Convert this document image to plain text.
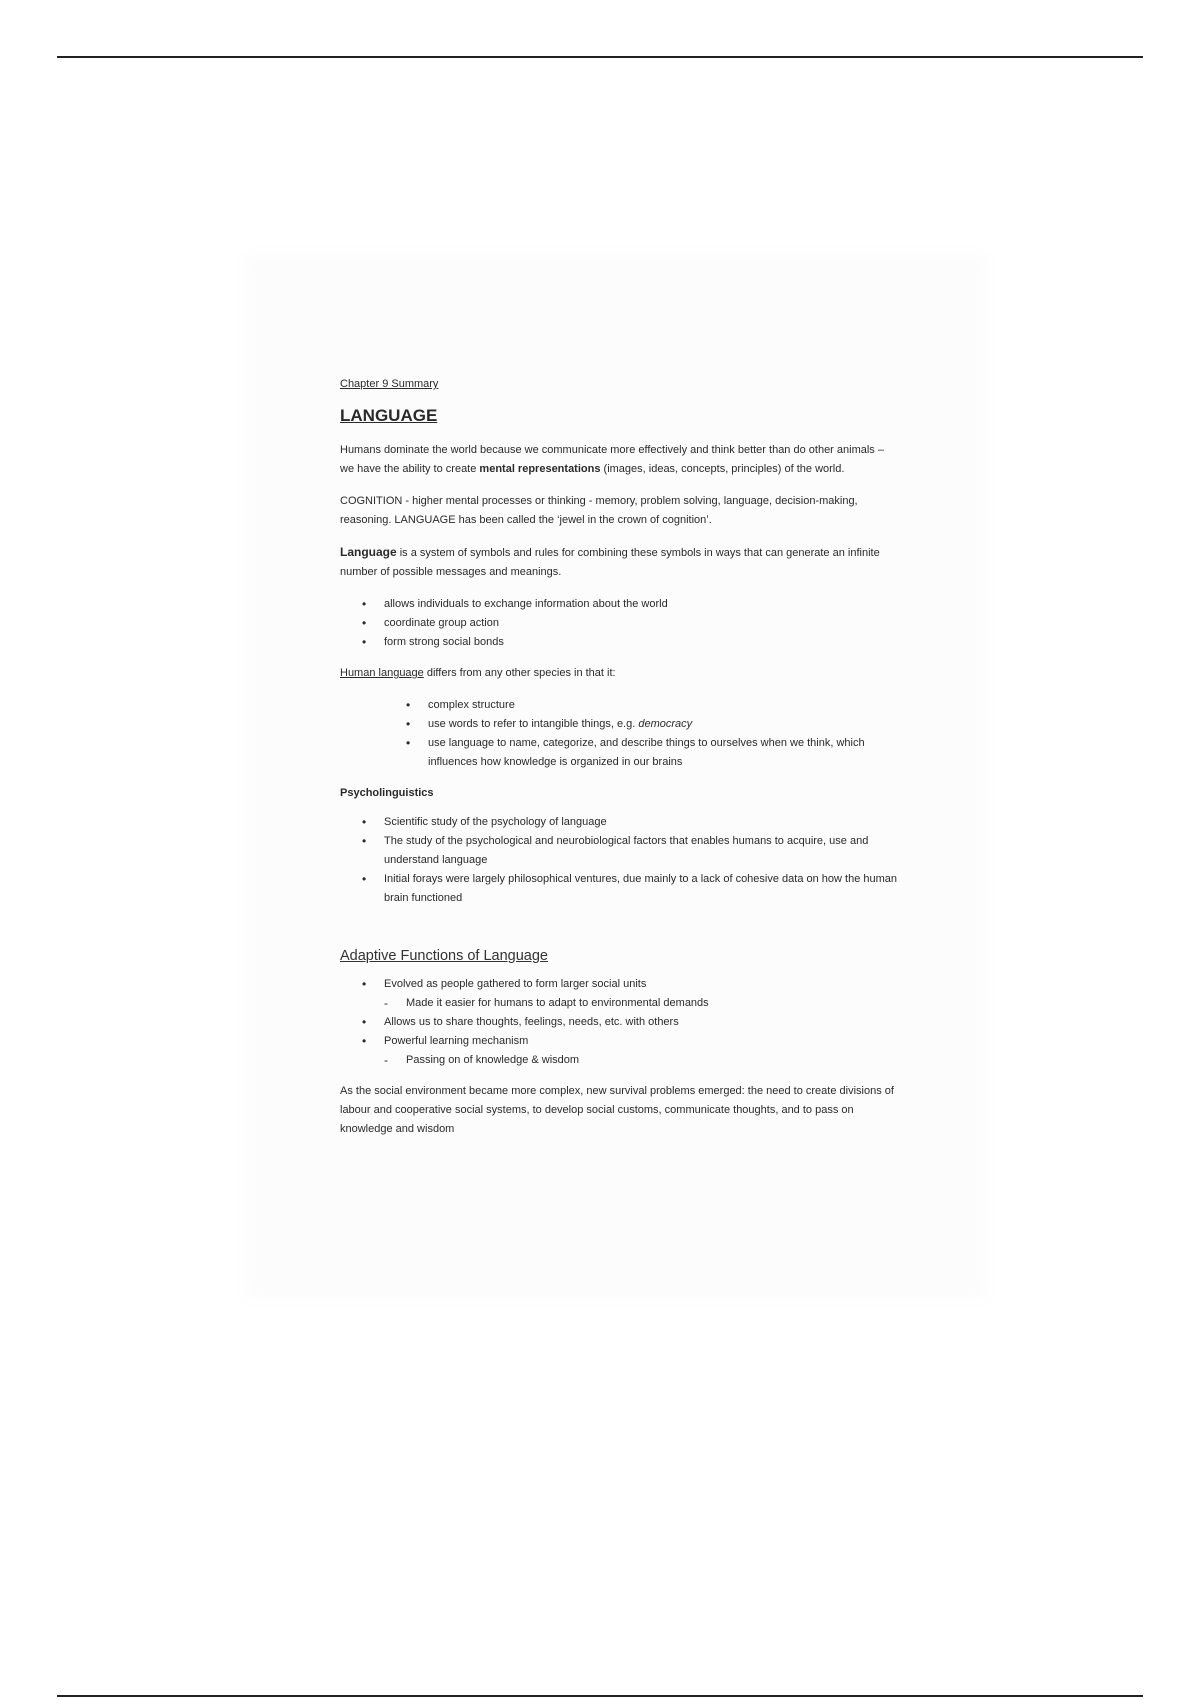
Chapter 9 Summary

LANGUAGE

Humans dominate the world because we communicate more effectively and think better than do other animals – we have the ability to create mental representations (images, ideas, concepts, principles) of the world.

COGNITION - higher mental processes or thinking - memory, problem solving, language, decision-making, reasoning. LANGUAGE has been called the ‘jewel in the crown of cognition’.

Language is a system of symbols and rules for combining these symbols in ways that can generate an infinite number of possible messages and meanings.

• allows individuals to exchange information about the world
• coordinate group action
• form strong social bonds

Human language differs from any other species in that it:

• complex structure
• use words to refer to intangible things, e.g. democracy
• use language to name, categorize, and describe things to ourselves when we think, which influences how knowledge is organized in our brains

Psycholinguistics

• Scientific study of the psychology of language
• The study of the psychological and neurobiological factors that enables humans to acquire, use and understand language
• Initial forays were largely philosophical ventures, due mainly to a lack of cohesive data on how the human brain functioned

Adaptive Functions of Language

• Evolved as people gathered to form larger social units
- Made it easier for humans to adapt to environmental demands
• Allows us to share thoughts, feelings, needs, etc. with others
• Powerful learning mechanism
- Passing on of knowledge & wisdom

As the social environment became more complex, new survival problems emerged: the need to create divisions of labour and cooperative social systems, to develop social customs, communicate thoughts, and to pass on knowledge and wisdom
